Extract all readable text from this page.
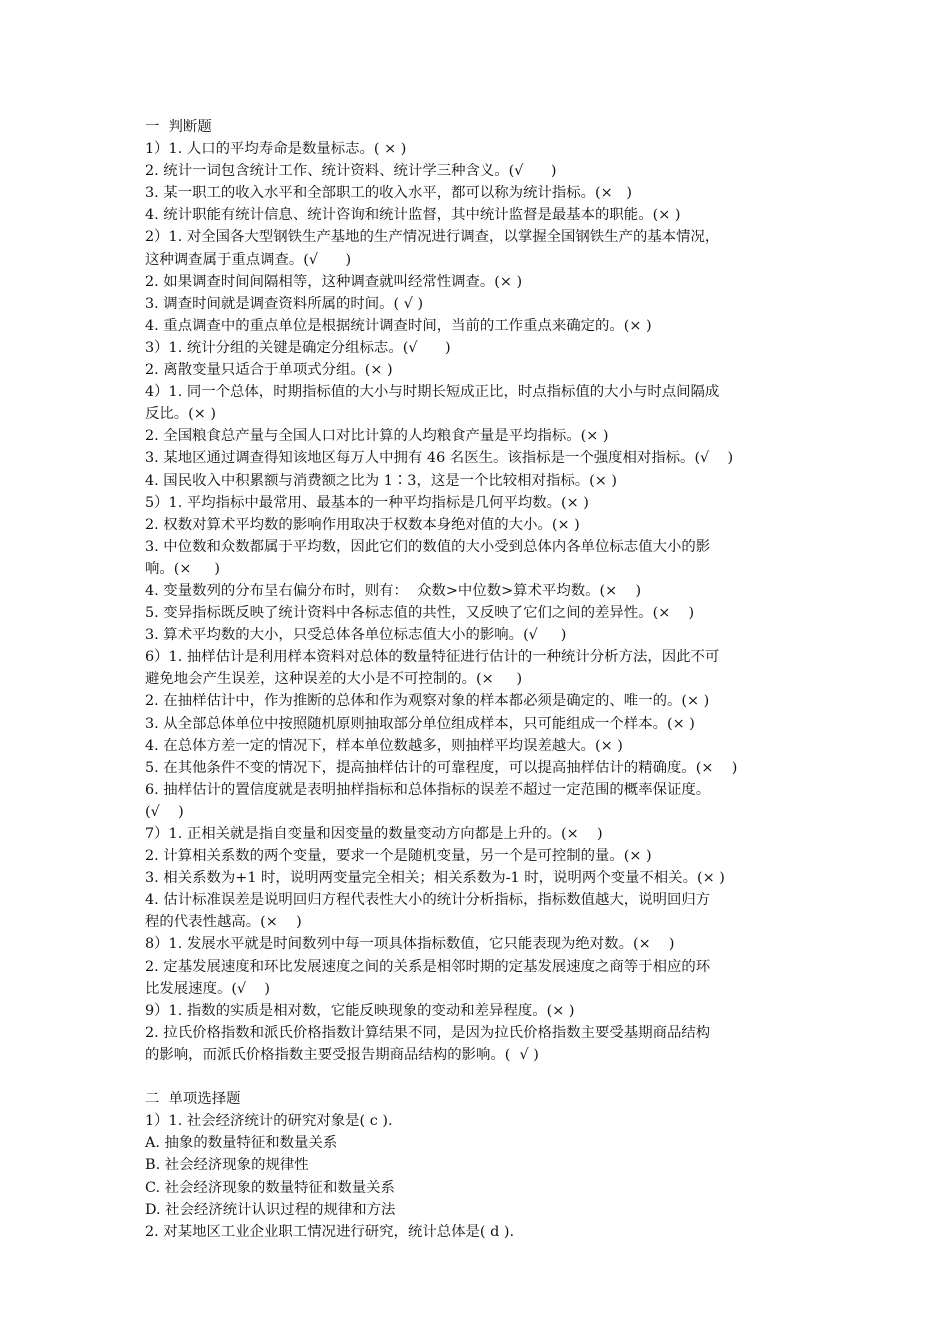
一  判断题
1）1. 人口的平均寿命是数量标志。( × )
2. 统计一词包含统计工作、统计资料、统计学三种含义。(√      )
3. 某一职工的收入水平和全部职工的收入水平，都可以称为统计指标。(×   )
4. 统计职能有统计信息、统计咨询和统计监督，其中统计监督是最基本的职能。(× )
2）1. 对全国各大型钢铁生产基地的生产情况进行调查，以掌握全国钢铁生产的基本情况，
这种调查属于重点调查。(√      )
2. 如果调查时间间隔相等，这种调查就叫经常性调查。(× )
3. 调查时间就是调查资料所属的时间。( √ )
4. 重点调查中的重点单位是根据统计调查时间，当前的工作重点来确定的。(× )
3）1. 统计分组的关键是确定分组标志。(√      )
2. 离散变量只适合于单项式分组。(× )
4）1. 同一个总体，时期指标值的大小与时期长短成正比，时点指标值的大小与时点间隔成
反比。(× )
2. 全国粮食总产量与全国人口对比计算的人均粮食产量是平均指标。(× )
3. 某地区通过调查得知该地区每万人中拥有 46 名医生。该指标是一个强度相对指标。(√    )
4. 国民收入中积累额与消费额之比为 1∶3，这是一个比较相对指标。(× )
5）1. 平均指标中最常用、最基本的一种平均指标是几何平均数。(× )
2. 权数对算术平均数的影响作用取决于权数本身绝对值的大小。(× )
3. 中位数和众数都属于平均数，因此它们的数值的大小受到总体内各单位标志值大小的影
响。(×     )
4. 变量数列的分布呈右偏分布时，则有：  众数>中位数>算术平均数。(×    )
5. 变异指标既反映了统计资料中各标志值的共性，又反映了它们之间的差异性。(×    )
3. 算术平均数的大小，只受总体各单位标志值大小的影响。(√     )
6）1. 抽样估计是利用样本资料对总体的数量特征进行估计的一种统计分析方法，因此不可
避免地会产生误差，这种误差的大小是不可控制的。(×     )
2. 在抽样估计中，作为推断的总体和作为观察对象的样本都必须是确定的、唯一的。(× )
3. 从全部总体单位中按照随机原则抽取部分单位组成样本，只可能组成一个样本。(× )
4. 在总体方差一定的情况下，样本单位数越多，则抽样平均误差越大。(× )
5. 在其他条件不变的情况下，提高抽样估计的可靠程度，可以提高抽样估计的精确度。(×    )
6. 抽样估计的置信度就是表明抽样指标和总体指标的误差不超过一定范围的概率保证度。
(√    )
7）1. 正相关就是指自变量和因变量的数量变动方向都是上升的。(×    )
2. 计算相关系数的两个变量，要求一个是随机变量，另一个是可控制的量。(× )
3. 相关系数为+1 时，说明两变量完全相关；相关系数为-1 时，说明两个变量不相关。(× )
4. 估计标准误差是说明回归方程代表性大小的统计分析指标，指标数值越大，说明回归方
程的代表性越高。(×    )
8）1. 发展水平就是时间数列中每一项具体指标数值，它只能表现为绝对数。(×    )
2. 定基发展速度和环比发展速度之间的关系是相邻时期的定基发展速度之商等于相应的环
比发展速度。(√    )
9）1. 指数的实质是相对数，它能反映现象的变动和差异程度。(× )
2. 拉氏价格指数和派氏价格指数计算结果不同，是因为拉氏价格指数主要受基期商品结构
的影响，而派氏价格指数主要受报告期商品结构的影响。(  √ )
二  单项选择题
1）1. 社会经济统计的研究对象是( c ).
A. 抽象的数量特征和数量关系
B. 社会经济现象的规律性
C. 社会经济现象的数量特征和数量关系
D. 社会经济统计认识过程的规律和方法
2. 对某地区工业企业职工情况进行研究，统计总体是( d ).
